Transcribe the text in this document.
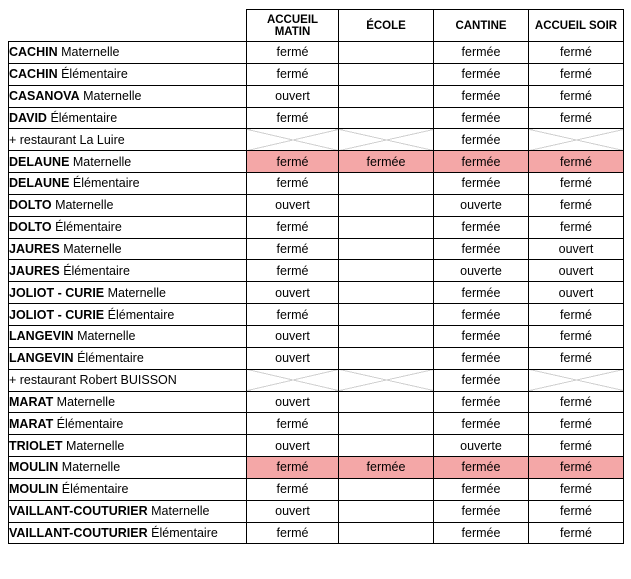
	ACCUEIL
MATIN	ÉCOLE	CANTINE	ACCUEIL SOIR
CACHIN Maternelle	fermé		fermée	fermé
CACHIN Élémentaire	fermé		fermée	fermé
CASANOVA Maternelle	ouvert		fermée	fermé
DAVID Élémentaire	fermé		fermée	fermé
+ restaurant La Luire			fermée	
DELAUNE Maternelle	fermé	fermée	fermée	fermé
DELAUNE Élémentaire	fermé		fermée	fermé
DOLTO Maternelle	ouvert		ouverte	fermé
DOLTO Élémentaire	fermé		fermée	fermé
JAURES Maternelle	fermé		fermée	ouvert
JAURES Élémentaire	fermé		ouverte	ouvert
JOLIOT - CURIE Maternelle	ouvert		fermée	ouvert
JOLIOT - CURIE Élémentaire	fermé		fermée	fermé
LANGEVIN Maternelle	ouvert		fermée	fermé
LANGEVIN Élémentaire	ouvert		fermée	fermé
+ restaurant Robert BUISSON			fermée	
MARAT Maternelle	ouvert		fermée	fermé
MARAT Élémentaire	fermé		fermée	fermé
TRIOLET Maternelle	ouvert		ouverte	fermé
MOULIN Maternelle	fermé	fermée	fermée	fermé
MOULIN Élémentaire	fermé		fermée	fermé
VAILLANT-COUTURIER Maternelle	ouvert		fermée	fermé
VAILLANT-COUTURIER Élémentaire	fermé		fermée	fermé
